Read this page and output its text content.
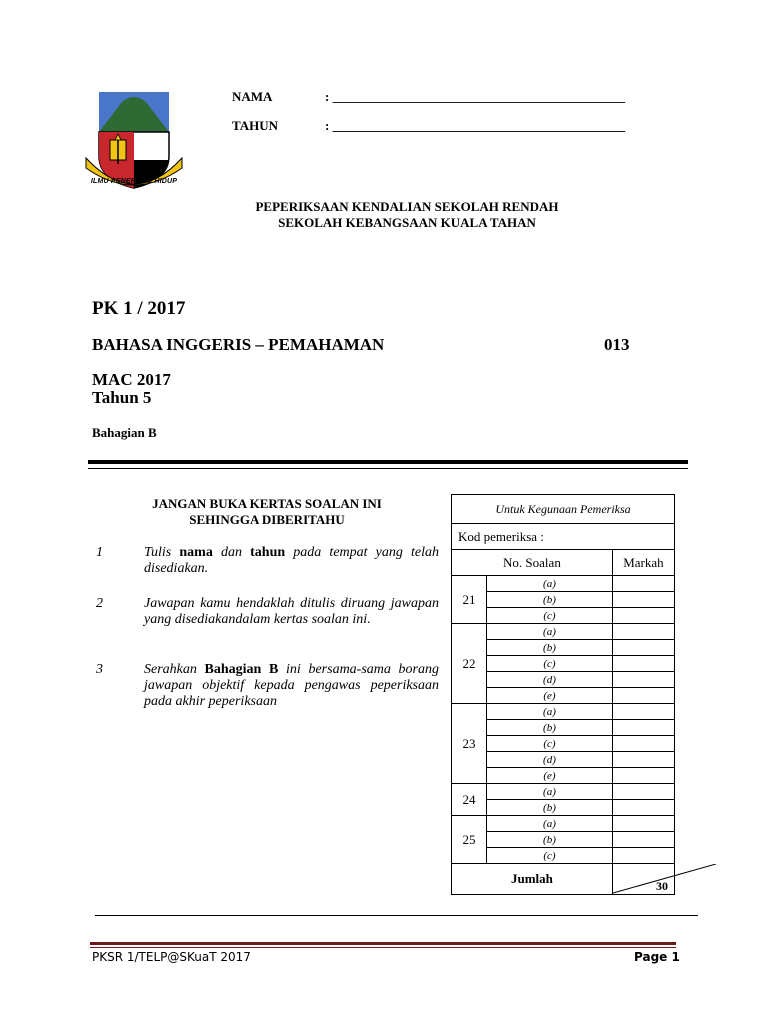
ILMU PENERANG HIDUP
NAMA	: _____________________________________________
TAHUN	: _____________________________________________
PEPERIKSAAN KENDALIAN SEKOLAH RENDAH
SEKOLAH KEBANGSAAN KUALA TAHAN
PK 1 / 2017
BAHASA INGGERIS – PEMAHAMAN	013
MAC 2017
Tahun 5
Bahagian B
JANGAN BUKA KERTAS SOALAN INI
SEHINGGA DIBERITAHU
1	Tulis nama dan tahun pada tempat yang telah disediakan.
2	Jawapan kamu hendaklah ditulis diruang jawapan yang disediakandalam kertas soalan ini.
3	Serahkan Bahagian B ini bersama-sama borang jawapan objektif kepada pengawas peperiksaan pada akhir peperiksaan
Untuk Kegunaan Pemeriksa		
Kod pemeriksa :		
No. Soalan		Markah
21	(a)	
	(b)	
	(c)	
22	(a)	
	(b)	
	(c)	
	(d)	
	(e)	
23	(a)	
	(b)	
	(c)	
	(d)	
	(e)	
24	(a)	
	(b)	
25	(a)	
	(b)	
	(c)	
Jumlah		30
PKSR 1/TELP@SKuaT 2017	Page 1
